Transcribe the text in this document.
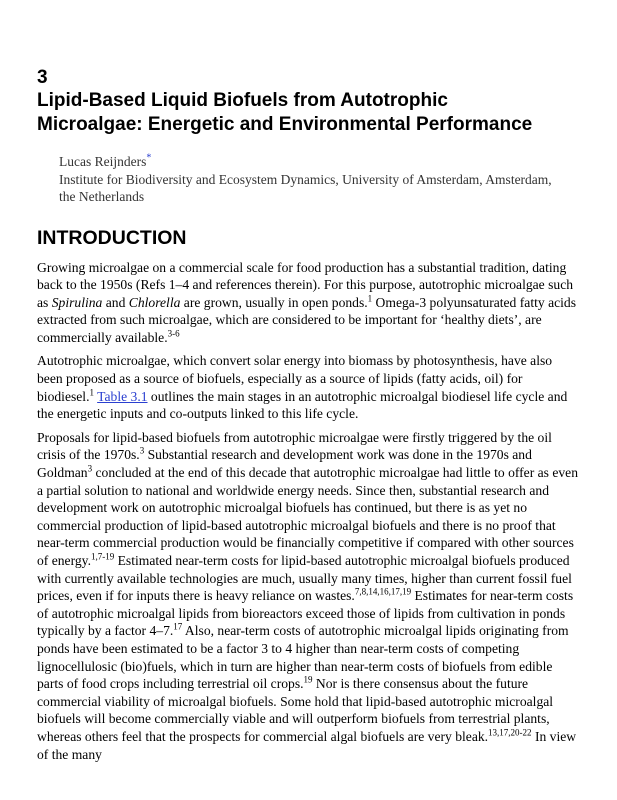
3
Lipid-Based Liquid Biofuels from Autotrophic
Microalgae: Energetic and Environmental Performance
Lucas Reijnders*
Institute for Biodiversity and Ecosystem Dynamics, University of Amsterdam, Amsterdam,
the Netherlands
INTRODUCTION

Growing microalgae on a commercial scale for food production has a substantial tradition, dating back to the 1950s (Refs 1–4 and references therein). For this purpose, autotrophic microalgae such as Spirulina and Chlorella are grown, usually in open ponds.$^1$ Omega-3 polyunsaturated fatty acids extracted from such microalgae, which are considered to be important for ‘healthy diets’, are commercially available.$^{3-6}$

Autotrophic microalgae, which convert solar energy into biomass by photosynthesis, have also been proposed as a source of biofuels, especially as a source of lipids (fatty acids, oil) for biodiesel.$^1$ Table 3.1 outlines the main stages in an autotrophic microalgal biodiesel life cycle and the energetic inputs and co-outputs linked to this life cycle.

Proposals for lipid-based biofuels from autotrophic microalgae were firstly triggered by the oil crisis of the 1970s.$^3$ Substantial research and development work was done in the 1970s and Goldman$^3$ concluded at the end of this decade that autotrophic microalgae had little to offer as even a partial solution to national and worldwide energy needs. Since then, substantial research and development work on autotrophic microalgal biofuels has continued, but there is as yet no commercial production of lipid-based autotrophic microalgal biofuels and there is no proof that near-term commercial production would be financially competitive if compared with other sources of energy.$^{1,7-19}$ Estimated near-term costs for lipid-based autotrophic microalgal biofuels produced with currently available technologies are much, usually many times, higher than current fossil fuel prices, even if for inputs there is heavy reliance on wastes.$^{7,8,14,16,17,19}$ Estimates for near-term costs of autotrophic microalgal lipids from bioreactors exceed those of lipids from cultivation in ponds typically by a factor 4–7.17 Also, near-term costs of autotrophic microalgal lipids originating from ponds have been estimated to be a factor 3 to 4 higher than near-term costs of competing lignocellulosic (bio)fuels, which in turn are higher than near-term costs of biofuels from edible parts of food crops including terrestrial oil crops.$^{19}$ Nor is there consensus about the future commercial viability of microalgal biofuels. Some hold that lipid-based autotrophic microalgal biofuels will become commercially viable and will outperform biofuels from terrestrial plants, whereas others feel that the prospects for commercial algal biofuels are very bleak.$^{13,17,20-22}$ In view of the many
